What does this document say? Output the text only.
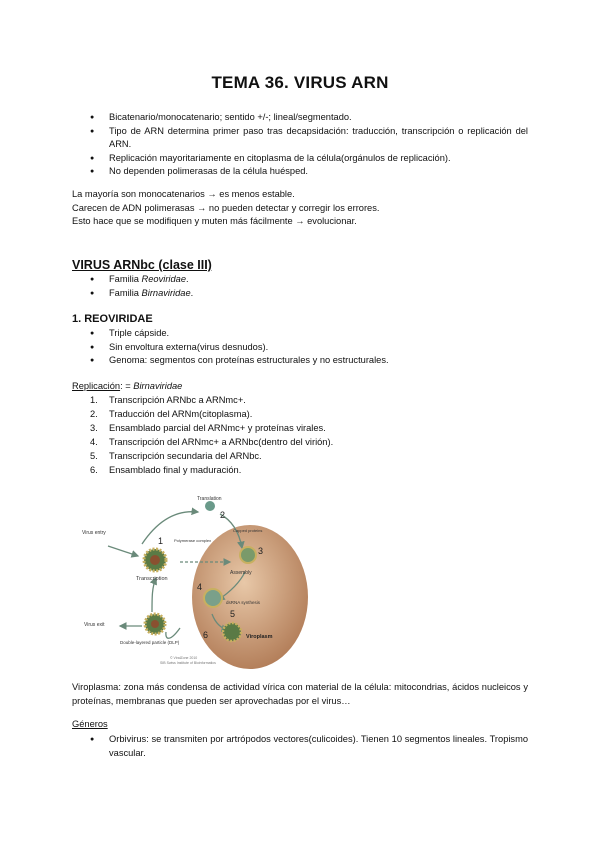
TEMA 36. VIRUS ARN
● Bicatenario/monocatenario; sentido +/-; lineal/segmentado.
● Tipo de ARN determina primer paso tras decapsidación: traducción, transcripción o replicación del ARN.
● Replicación mayoritariamente en citoplasma de la célula(orgánulos de replicación).
● No dependen polimerasas de la célula huésped.
La mayoría son monocatenarios → es menos estable.
Carecen de ADN polimerasas → no pueden detectar y corregir los errores.
Esto hace que se modifiquen y muten más fácilmente → evolucionar.
VIRUS ARNbc (clase III)
● Familia Reoviridae.
● Familia Birnaviridae.
1. REOVIRIDAE
● Triple cápside.
● Sin envoltura externa(virus desnudos).
● Genoma: segmentos con proteínas estructurales y no estructurales.
Replicación: = Birnaviridae
1. Transcripción ARNbc a ARNmc+.
2. Traducción del ARNm(citoplasma).
3. Ensamblado parcial del ARNmc+ y proteínas virales.
4. Transcripción del ARNmc+ a ARNbc(dentro del virión).
5. Transcripción secundaria del ARNbc.
6. Ensamblado final y maduración.
Virus entry
Transcription
Translation
Polymerase complex
Capped proteins
Assembly
dsRNA synthesis
Viroplasm
Virus exit
Double-layered particle (DLP)
© ViralZone 2010
SIB Swiss Institute of Bioinformatics
1
2
3
4
5
6
Viroplasma: zona más condensa de actividad vírica con material de la célula: mitocondrias, ácidos nucleicos y proteínas, membranas que pueden ser aprovechadas por el virus…
Géneros
● Orbivirus: se transmiten por artrópodos vectores(culicoides). Tienen 10 segmentos lineales. Tropismo vascular.
